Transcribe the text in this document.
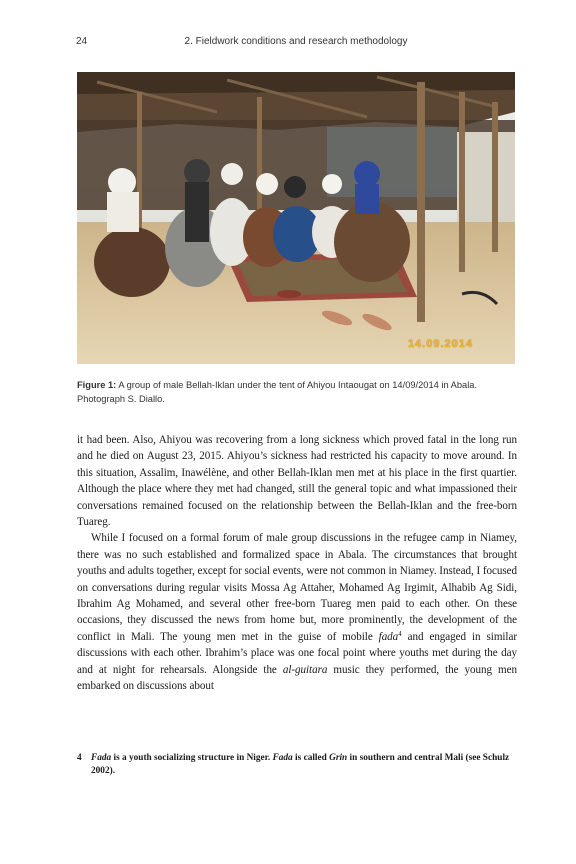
24	2. Fieldwork conditions and research methodology
14.09.2014
Figure 1: A group of male Bellah-Iklan under the tent of Ahiyou Intaougat on 14/09/2014 in Abala. Photograph S. Diallo.

it had been. Also, Ahiyou was recovering from a long sickness which proved fatal in the long run and he died on August 23, 2015. Ahiyou’s sickness had restricted his capacity to move around. In this situation, Assalim, Inawélène, and other Bellah-Iklan men met at his place in the first quartier. Although the place where they met had changed, still the general topic and what impassioned their conversations remained focused on the relationship between the Bellah-Iklan and the free-born Tuareg.

While I focused on a formal forum of male group discussions in the refugee camp in Niamey, there was no such established and formalized space in Abala. The circumstances that brought youths and adults together, except for social events, were not common in Niamey. Instead, I focused on conversations during regular visits Mossa Ag Attaher, Mohamed Ag Irgimit, Alhabib Ag Sidi, Ibrahim Ag Mohamed, and several other free-born Tuareg men paid to each other. On these occasions, they discussed the news from home but, more prominently, the development of the conflict in Mali. The young men met in the guise of mobile fada$^4$ and engaged in similar discussions with each other. Ibrahim’s place was one focal point where youths met during the day and at night for rehearsals. Alongside the al-guitara music they performed, the young men embarked on discussions about

4 Fada is a youth socializing structure in Niger. Fada is called Grin in southern and central Mali (see Schulz 2002).
